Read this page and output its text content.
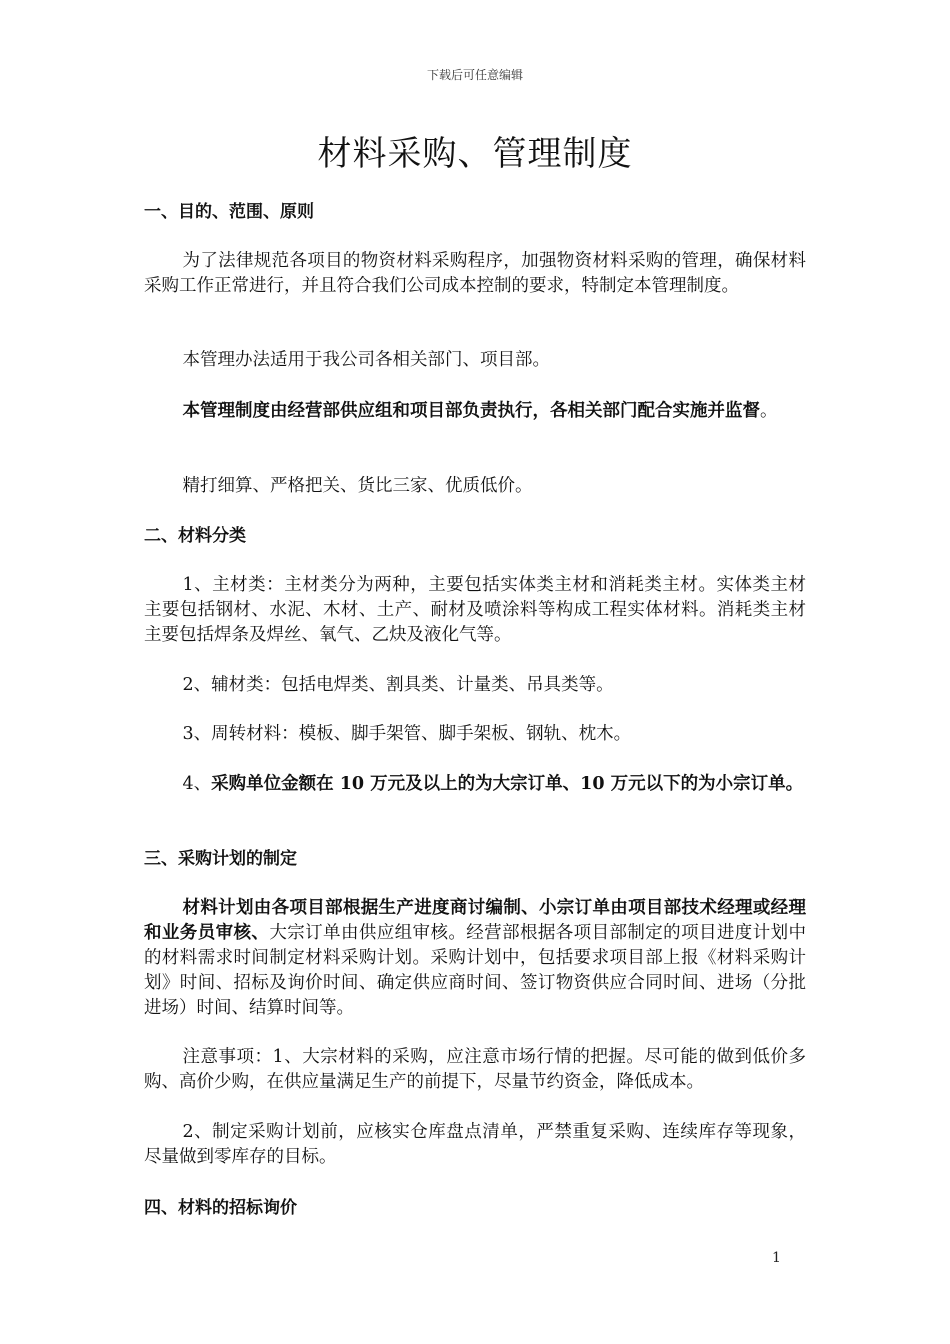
下载后可任意编辑
材料采购、管理制度
一、目的、范围、原则
为了法律规范各项目的物资材料采购程序，加强物资材料采购的管理，确保材料采购工作正常进行，并且符合我们公司成本控制的要求，特制定本管理制度。
本管理办法适用于我公司各相关部门、项目部。
本管理制度由经营部供应组和项目部负责执行，各相关部门配合实施并监督。
精打细算、严格把关、货比三家、优质低价。
二、材料分类
1、主材类：主材类分为两种，主要包括实体类主材和消耗类主材。实体类主材主要包括钢材、水泥、木材、土产、耐材及喷涂料等构成工程实体材料。消耗类主材主要包括焊条及焊丝、氧气、乙炔及液化气等。
2、辅材类：包括电焊类、割具类、计量类、吊具类等。
3、周转材料：模板、脚手架管、脚手架板、钢轨、枕木。
4、采购单位金额在 10 万元及以上的为大宗订单、10 万元以下的为小宗订单。
三、采购计划的制定
材料计划由各项目部根据生产进度商讨编制、小宗订单由项目部技术经理或经理和业务员审核、大宗订单由供应组审核。经营部根据各项目部制定的项目进度计划中的材料需求时间制定材料采购计划。采购计划中，包括要求项目部上报《材料采购计划》时间、招标及询价时间、确定供应商时间、签订物资供应合同时间、进场（分批进场）时间、结算时间等。
注意事项：1、大宗材料的采购，应注意市场行情的把握。尽可能的做到低价多购、高价少购，在供应量满足生产的前提下，尽量节约资金，降低成本。
2、制定采购计划前，应核实仓库盘点清单，严禁重复采购、连续库存等现象，尽量做到零库存的目标。
四、材料的招标询价
1
